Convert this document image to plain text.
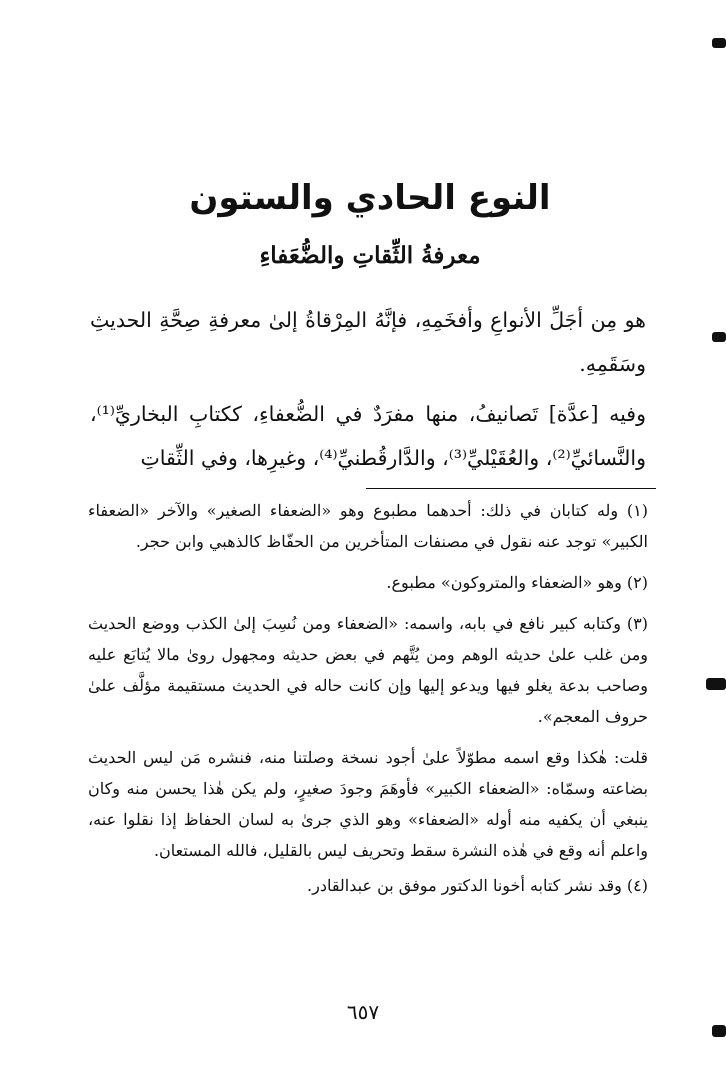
النوع الحادي والستون
معرفةُ الثِّقاتِ والضُّعَفاءِ
هو مِن أجَلِّ الأنواعِ وأفخَمِهِ، فإنَّهُ المِرْقاةُ إلىٰ معرفةِ صِحَّةِ الحديثِ وسَقَمِهِ.
وفيه [عدَّة] تَصانيفُ، منها مفرَدٌ في الضُّعفاءِ، ككتابِ البخاريِّ⁽¹⁾، والنَّسائيِّ⁽²⁾، والعُقَيْليِّ⁽³⁾، والدَّارقُطنيِّ⁽⁴⁾، وغيرِها، وفي الثِّقاتِ

(١) وله كتابان في ذلك: أحدهما مطبوع وهو «الضعفاء الصغير» والآخر «الضعفاء الكبير» توجد عنه نقول في مصنفات المتأخرين من الحفّاظ كالذهبي وابن حجر.

(٢) وهو «الضعفاء والمتروكون» مطبوع.

(٣) وكتابه كبير نافع في بابه، واسمه: «الضعفاء ومن نُسِبَ إلىٰ الكذب ووضع الحديث ومن غلب علىٰ حديثه الوهم ومن يُتَّهم في بعض حديثه ومجهول روىٰ مالا يُتابَع عليه وصاحب بدعة يغلو فيها ويدعو إليها وإن كانت حاله في الحديث مستقيمة مؤلَّف علىٰ حروف المعجم».

قلت: هٰكذا وقع اسمه مطوّلاً علىٰ أجود نسخة وصلتنا منه، فنشره مَن ليس الحديث بضاعته وسمّاه: «الضعفاء الكبير» فأوهَمَ وجودَ صغيرٍ، ولم يكن هٰذا يحسن منه وكان ينبغي أن يكفيه منه أوله «الضعفاء» وهو الذي جرىٰ به لسان الحفاظ إذا نقلوا عنه، واعلم أنه وقع في هٰذه النشرة سقط وتحريف ليس بالقليل، فالله المستعان.

(٤) وقد نشر كتابه أخونا الدكتور موفق بن عبدالقادر.

٦٥٧
